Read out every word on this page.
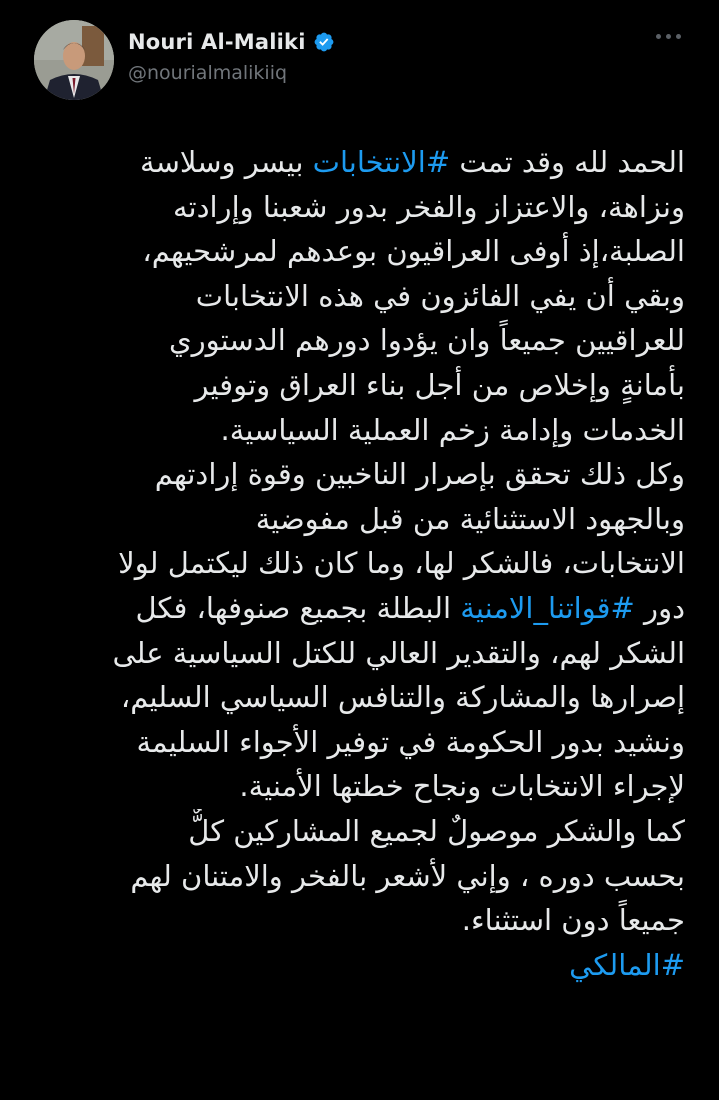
Nouri Al-Maliki
@nourialmalikiiq
الحمد لله وقد تمت #الانتخابات بيسر وسلاسة
ونزاهة، والاعتزاز والفخر بدور شعبنا وإرادته
الصلبة،إذ أوفى العراقيون بوعدهم لمرشحيهم،
وبقي أن يفي الفائزون في هذه الانتخابات
للعراقيين جميعاً وان يؤدوا دورهم الدستوري
بأمانةٍ وإخلاص من أجل بناء العراق وتوفير
الخدمات وإدامة زخم العملية السياسية.
وكل ذلك تحقق بإصرار الناخبين وقوة إرادتهم
وبالجهود الاستثنائية من قبل مفوضية
الانتخابات، فالشكر لها، وما كان ذلك ليكتمل لولا
دور #قواتنا_الامنية البطلة بجميع صنوفها، فكل
الشكر لهم، والتقدير العالي للكتل السياسية على
إصرارها والمشاركة والتنافس السياسي السليم،
ونشيد بدور الحكومة في توفير الأجواء السليمة
لإجراء الانتخابات ونجاح خطتها الأمنية.
كما والشكر موصولٌ لجميع المشاركين كلٌّ
بحسب دوره ، وإني لأشعر بالفخر والامتنان لهم
جميعاً دون استثناء.
#المالكي
